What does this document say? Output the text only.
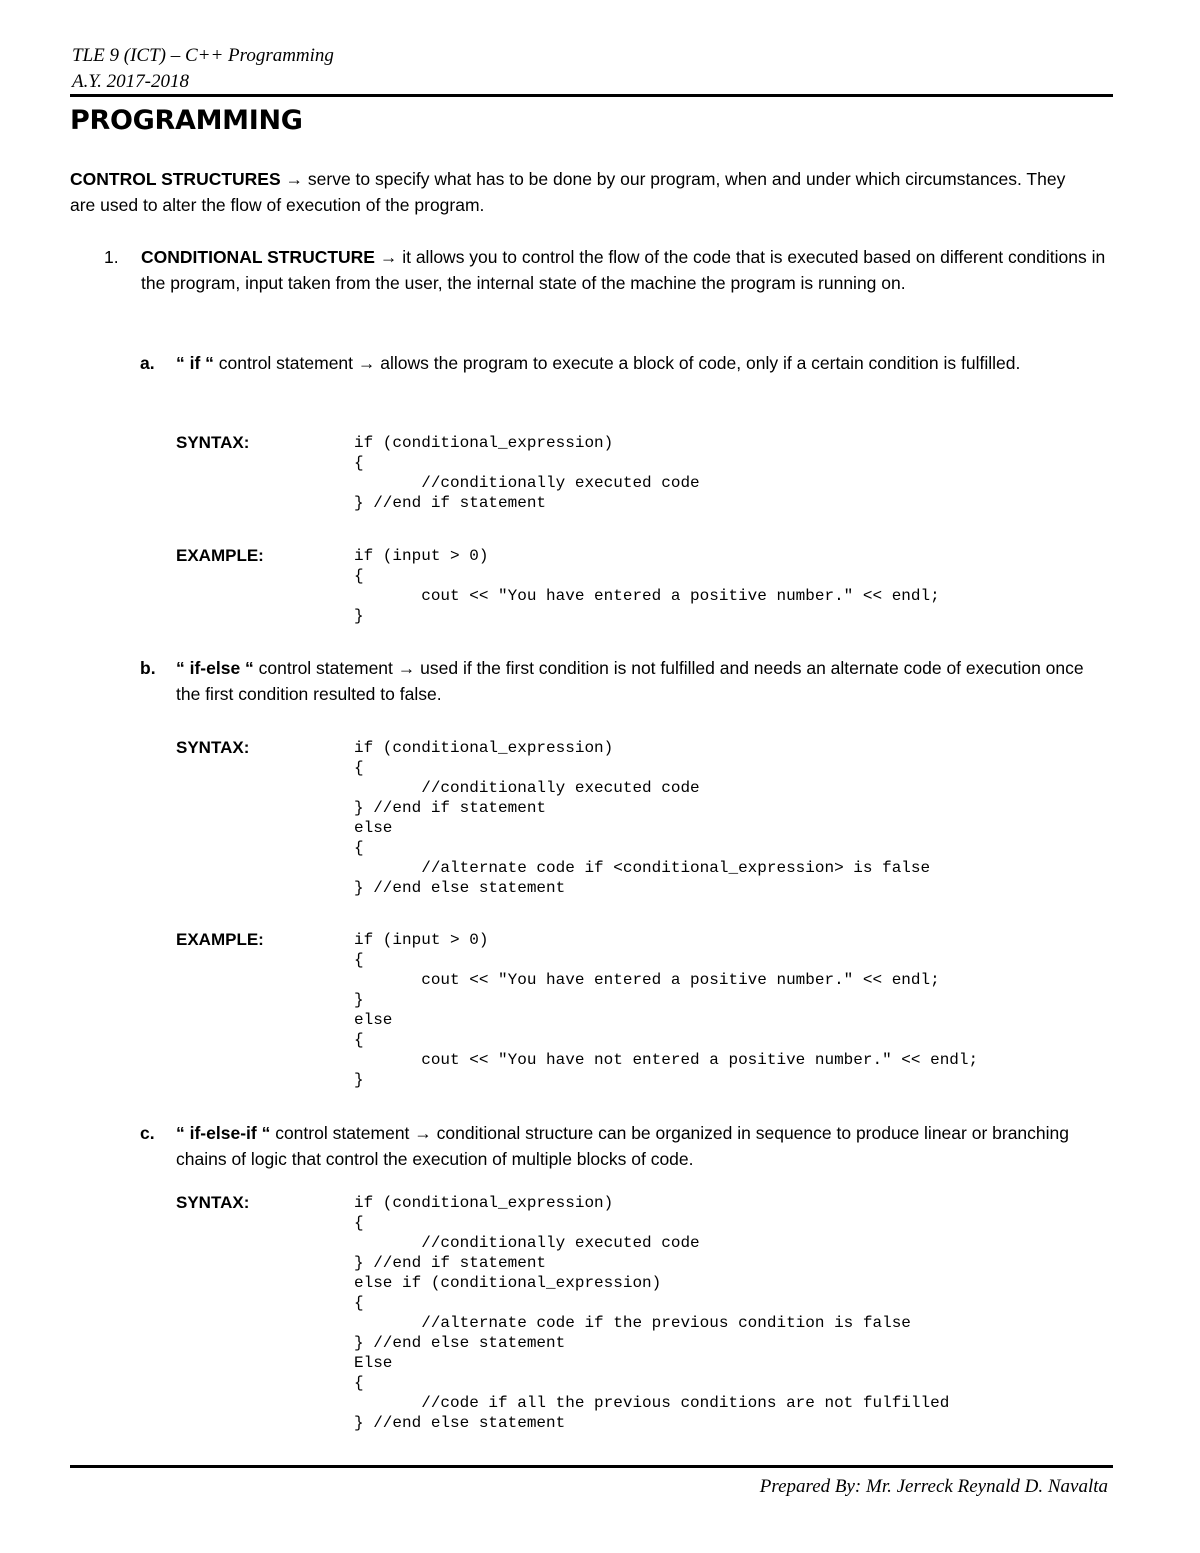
TLE 9 (ICT) – C++ Programming
A.Y. 2017-2018
PROGRAMMING
CONTROL STRUCTURES → serve to specify what has to be done by our program, when and under which circumstances. They are used to alter the flow of execution of the program.
1. CONDITIONAL STRUCTURE → it allows you to control the flow of the code that is executed based on different conditions in the program, input taken from the user, the internal state of the machine the program is running on.
a. “ if “ control statement → allows the program to execute a block of code, only if a certain condition is fulfilled.
SYNTAX:	if (conditional_expression)
{
//conditionally executed code
} //end if statement
EXAMPLE:	if (input > 0)
{
cout << "You have entered a positive number." << endl;
}
b. “ if-else “ control statement → used if the first condition is not fulfilled and needs an alternate code of execution once the first condition resulted to false.
SYNTAX:	if (conditional_expression)
{
//conditionally executed code
} //end if statement
else
{
//alternate code if <conditional_expression> is false
} //end else statement
EXAMPLE:	if (input > 0)
{
cout << "You have entered a positive number." << endl;
}
else
{
cout << "You have not entered a positive number." << endl;
}
c. “ if-else-if “ control statement → conditional structure can be organized in sequence to produce linear or branching chains of logic that control the execution of multiple blocks of code.
SYNTAX:	if (conditional_expression)
{
//conditionally executed code
} //end if statement
else if (conditional_expression)
{
//alternate code if the previous condition is false
} //end else statement
Else
{
//code if all the previous conditions are not fulfilled
} //end else statement
Prepared By: Mr. Jerreck Reynald D. Navalta
